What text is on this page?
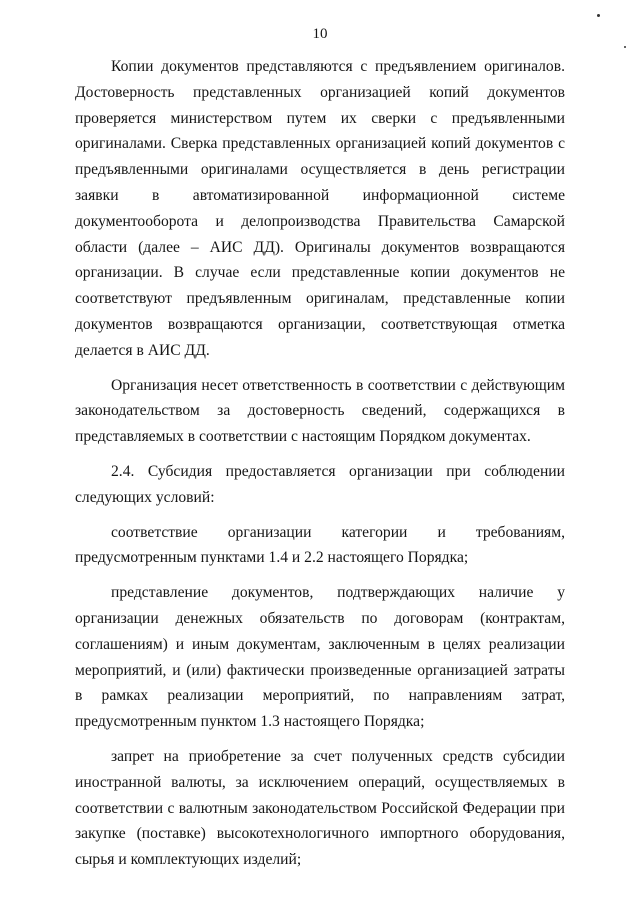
10

Копии документов представляются с предъявлением оригиналов. Достоверность представленных организацией копий документов проверяется министерством путем их сверки с предъявленными оригиналами. Сверка представленных организацией копий документов с предъявленными оригиналами осуществляется в день регистрации заявки в автоматизированной информационной системе документооборота и делопроизводства Правительства Самарской области (далее – АИС ДД). Оригиналы документов возвращаются организации. В случае если представленные копии документов не соответствуют предъявленным оригиналам, представленные копии документов возвращаются организации, соответствующая отметка делается в АИС ДД.

Организация несет ответственность в соответствии с действующим законодательством за достоверность сведений, содержащихся в представляемых в соответствии с настоящим Порядком документах.

2.4. Субсидия предоставляется организации при соблюдении следующих условий:

соответствие организации категории и требованиям, предусмотренным пунктами 1.4 и 2.2 настоящего Порядка;

представление документов, подтверждающих наличие у организации денежных обязательств по договорам (контрактам, соглашениям) и иным документам, заключенным в целях реализации мероприятий, и (или) фактически произведенные организацией затраты в рамках реализации мероприятий, по направлениям затрат, предусмотренным пунктом 1.3 настоящего Порядка;

запрет на приобретение за счет полученных средств субсидии иностранной валюты, за исключением операций, осуществляемых в соответствии с валютным законодательством Российской Федерации при закупке (поставке) высокотехнологичного импортного оборудования, сырья и комплектующих изделий;
